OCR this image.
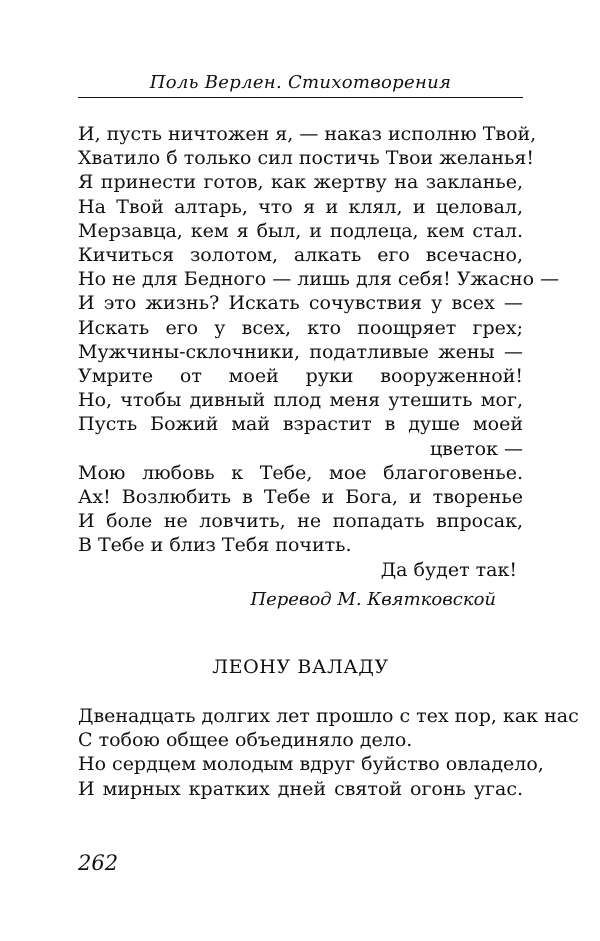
Поль Верлен. Стихотворения
И, пусть ничтожен я, — наказ исполню Твой,
Хватило б только сил постичь Твои желанья!
Я принести готов, как жертву на закланье,
На Твой алтарь, что я и клял, и целовал,
Мерзавца, кем я был, и подлеца, кем стал.
Кичиться золотом, алкать его всечасно,
Но не для Бедного — лишь для себя! Ужасно —
И это жизнь? Искать сочувствия у всех —
Искать его у всех, кто поощряет грех;
Мужчины-склочники, податливые жены —
Умрите от моей руки вооруженной!
Но, чтобы дивный плод меня утешить мог,
Пусть Божий май взрастит в душе моей
цветок —
Мою любовь к Тебе, мое благоговенье.
Ах! Возлюбить в Тебе и Бога, и творенье
И боле не ловчить, не попадать впросак,
В Тебе и близ Тебя почить.
Да будет так!
Перевод М. Квятковской
ЛЕОНУ ВАЛАДУ
Двенадцать долгих лет прошло с тех пор, как нас
С тобою общее объединяло дело.
Но сердцем молодым вдруг буйство овладело,
И мирных кратких дней святой огонь угас.
262
